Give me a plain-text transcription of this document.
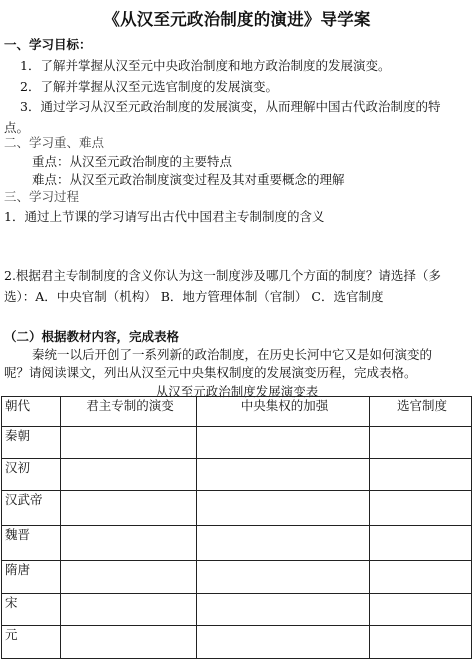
《从汉至元政治制度的演进》导学案
一、学习目标：
1．了解并掌握从汉至元中央政治制度和地方政治制度的发展演变。
2．了解并掌握从汉至元选官制度的发展演变。
3．通过学习从汉至元政治制度的发展演变，从而理解中国古代政治制度的特
点。
二、学习重、难点
重点：从汉至元政治制度的主要特点
难点：从汉至元政治制度演变过程及其对重要概念的理解
三、学习过程
1．通过上节课的学习请写出古代中国君主专制制度的含义
2.根据君主专制制度的含义你认为这一制度涉及哪几个方面的制度？请选择（多
选）：A．中央官制（机构） B．地方管理体制（官制） C．选官制度
（二）根据教材内容，完成表格
秦统一以后开创了一系列新的政治制度，在历史长河中它又是如何演变的
呢？请阅读课文，列出从汉至元中央集权制度的发展演变历程，完成表格。
从汉至元政治制度发展演变表
朝代	君主专制的演变	中央集权的加强	选官制度
秦朝			
汉初			
汉武帝			
魏晋			
隋唐			
宋			
元			
